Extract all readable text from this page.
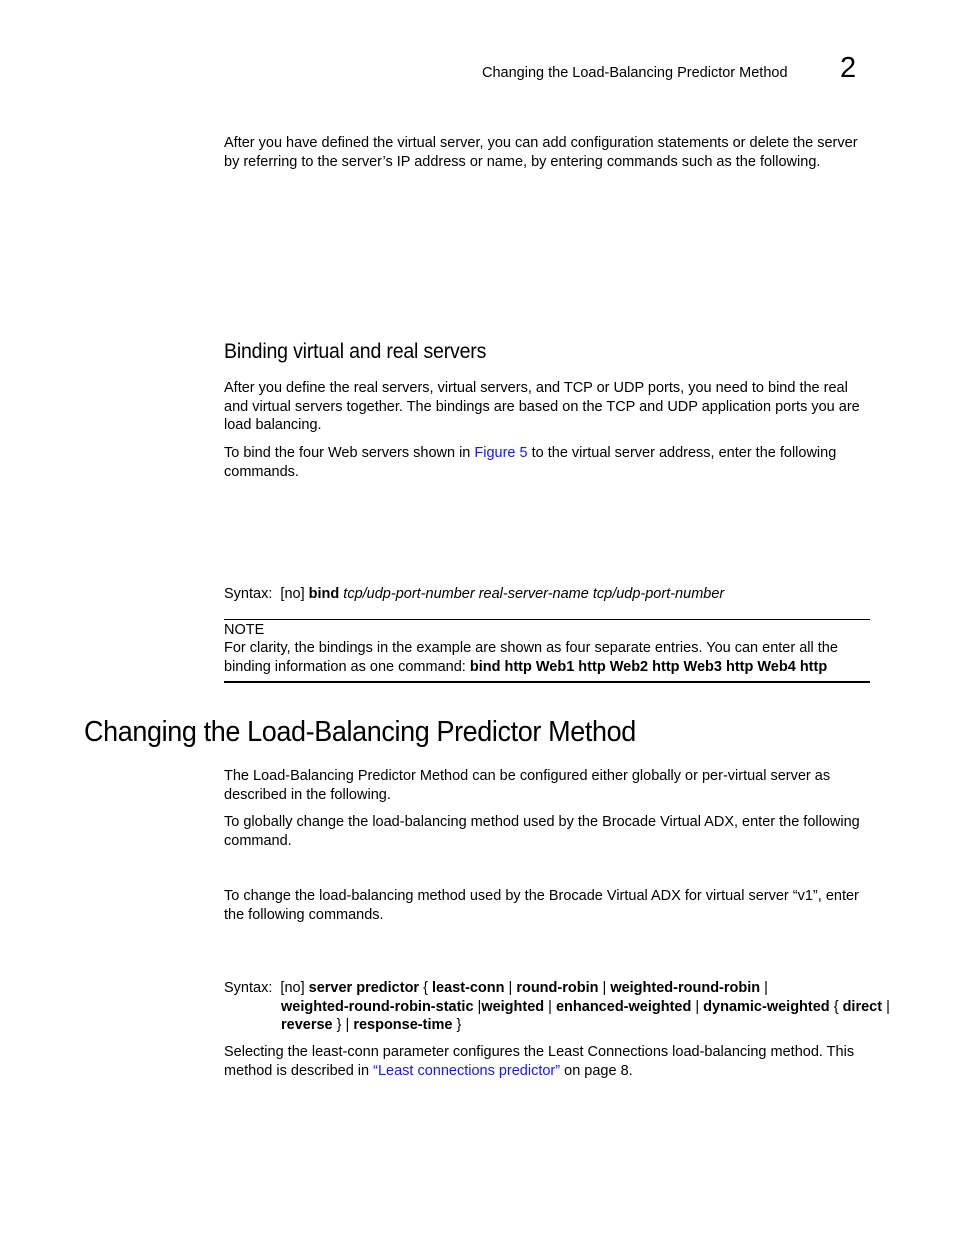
Changing the Load-Balancing Predictor Method 2
After you have defined the virtual server, you can add configuration statements or delete the server by referring to the server’s IP address or name, by entering commands such as the following.
Binding virtual and real servers
After you define the real servers, virtual servers, and TCP or UDP ports, you need to bind the real and virtual servers together. The bindings are based on the TCP and UDP application ports you are load balancing.
To bind the four Web servers shown in Figure 5 to the virtual server address, enter the following commands.
Syntax:  [no] bind tcp/udp-port-number real-server-name tcp/udp-port-number
NOTE
For clarity, the bindings in the example are shown as four separate entries. You can enter all the binding information as one command: bind http Web1 http Web2 http Web3 http Web4 http
Changing the Load-Balancing Predictor Method
The Load-Balancing Predictor Method can be configured either globally or per-virtual server as described in the following.
To globally change the load-balancing method used by the Brocade Virtual ADX, enter the following command.
To change the load-balancing method used by the Brocade Virtual ADX for virtual server “v1”, enter the following commands.
Syntax:  [no] server predictor { least-conn | round-robin | weighted-round-robin |
weighted-round-robin-static |weighted | enhanced-weighted | dynamic-weighted { direct |
reverse } | response-time }
Selecting the least-conn parameter configures the Least Connections load-balancing method. This method is described in “Least connections predictor” on page 8.
